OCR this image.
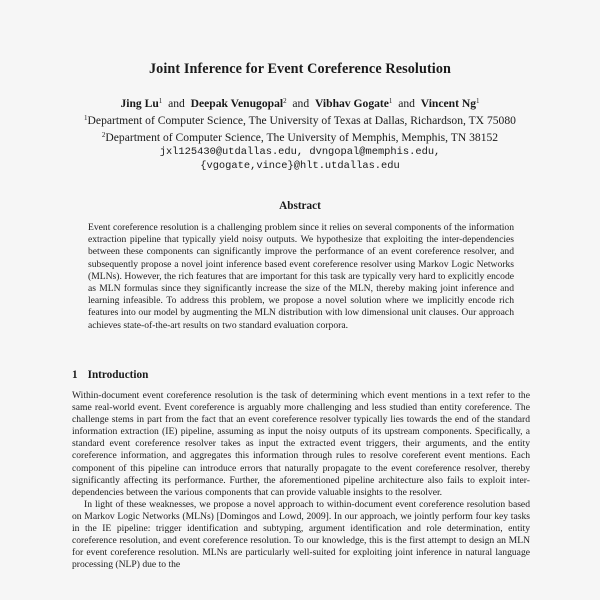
Joint Inference for Event Coreference Resolution
Jing Lu$^1$ and Deepak Venugopal$^2$ and Vibhav Gogate$^1$ and Vincent Ng$^1$
$^1$Department of Computer Science, The University of Texas at Dallas, Richardson, TX 75080
$^2$Department of Computer Science, The University of Memphis, Memphis, TN 38152
jxl125430@utdallas.edu, dvngopal@memphis.edu,
{vgogate,vince}@hlt.utdallas.edu
Abstract
Event coreference resolution is a challenging problem since it relies on several components of the information extraction pipeline that typically yield noisy outputs. We hypothesize that exploiting the inter-dependencies between these components can significantly improve the performance of an event coreference resolver, and subsequently propose a novel joint inference based event coreference resolver using Markov Logic Networks (MLNs). However, the rich features that are important for this task are typically very hard to explicitly encode as MLN formulas since they significantly increase the size of the MLN, thereby making joint inference and learning infeasible. To address this problem, we propose a novel solution where we implicitly encode rich features into our model by augmenting the MLN distribution with low dimensional unit clauses. Our approach achieves state-of-the-art results on two standard evaluation corpora.
1 Introduction

Within-document event coreference resolution is the task of determining which event mentions in a text refer to the same real-world event. Event coreference is arguably more challenging and less studied than entity coreference. The challenge stems in part from the fact that an event coreference resolver typically lies towards the end of the standard information extraction (IE) pipeline, assuming as input the noisy outputs of its upstream components. Specifically, a standard event coreference resolver takes as input the extracted event triggers, their arguments, and the entity coreference information, and aggregates this information through rules to resolve coreferent event mentions. Each component of this pipeline can introduce errors that naturally propagate to the event coreference resolver, thereby significantly affecting its performance. Further, the aforementioned pipeline architecture also fails to exploit inter-dependencies between the various components that can provide valuable insights to the resolver.

In light of these weaknesses, we propose a novel approach to within-document event coreference resolution based on Markov Logic Networks (MLNs) [Domingos and Lowd, 2009]. In our approach, we jointly perform four key tasks in the IE pipeline: trigger identification and subtyping, argument identification and role determination, entity coreference resolution, and event coreference resolution. To our knowledge, this is the first attempt to design an MLN for event coreference resolution. MLNs are particularly well-suited for exploiting joint inference in natural language processing (NLP) due to the
